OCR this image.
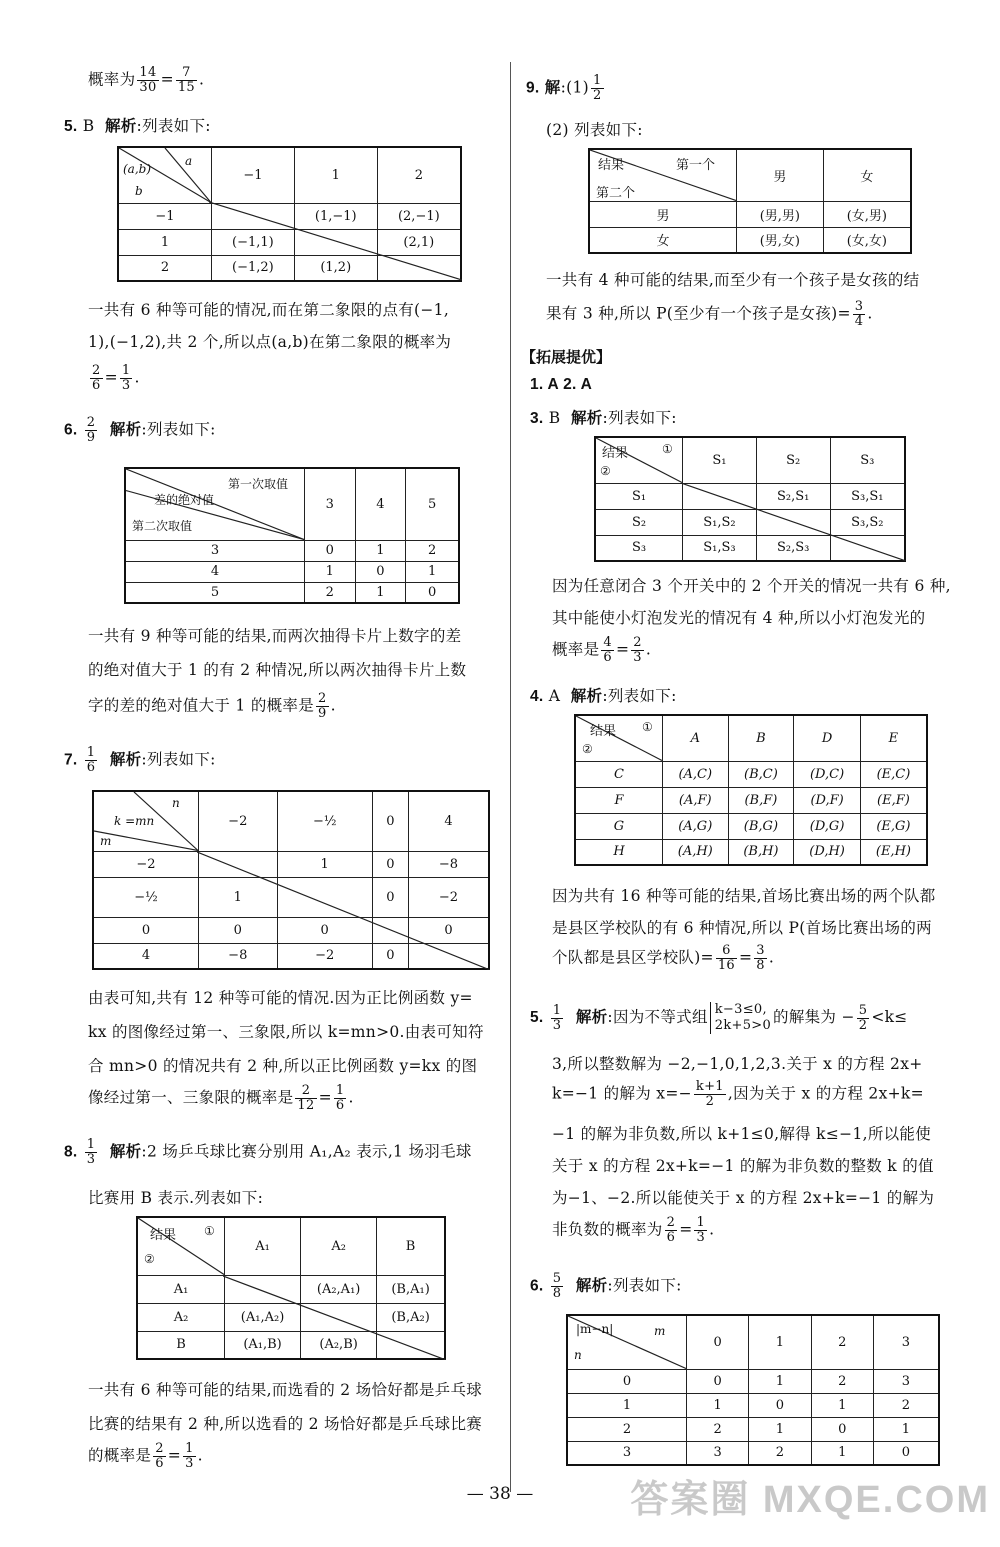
概率为 $\frac{14}{30} = \frac{7}{15}$ .
5. B 解析:列表如下:
a
(a,b)
b	−1	1	2
−1		(1,−1)	(2,−1)
1	(−1,1)		(2,1)
2	(−1,2)	(1,2)	
一共有 6 种等可能的情况,而在第二象限的点有(−1,
1),(−1,2),共 2 个,所以点(a,b)在第二象限的概率为
$\frac{2}{6} = \frac{1}{3}$ .
6. $\frac{2}{9}$ 解析:列表如下:
第一次取值
差的绝对值
第二次取值	3	4	5
3	0	1	2
4	1	0	1
5	2	1	0
一共有 9 种等可能的结果,而两次抽得卡片上数字的差
的绝对值大于 1 的有 2 种情况,所以两次抽得卡片上数
字的差的绝对值大于 1 的概率是 $\frac{2}{9}$ .
7. $\frac{1}{6}$ 解析:列表如下:
n
k =mn
m	−2	−½	0	4
−2		1	0	−8
−½	1		0	−2
0	0	0		0
4	−8	−2	0	
由表可知,共有 12 种等可能的情况.因为正比例函数 y=
kx 的图像经过第一、三象限,所以 k=mn>0.由表可知符
合 mn>0 的情况共有 2 种,所以正比例函数 y=kx 的图
像经过第一、三象限的概率是 $\frac{2}{12} = \frac{1}{6}$ .
8. $\frac{1}{3}$ 解析:2 场乒乓球比赛分别用 A₁,A₂ 表示,1 场羽毛球
比赛用 B 表示.列表如下:
结果 ①
②	A₁	A₂	B
A₁		(A₂,A₁)	(B,A₁)
A₂	(A₁,A₂)		(B,A₂)
B	(A₁,B)	(A₂,B)	
一共有 6 种等可能的结果,而选看的 2 场恰好都是乒乓球
比赛的结果有 2 种,所以选看的 2 场恰好都是乒乓球比赛
的概率是 $\frac{2}{6} = \frac{1}{3}$ .
9. 解:(1) $\frac{1}{2}$
(2) 列表如下:
结果 第一个
第二个	男	女
男	(男,男)	(女,男)
女	(男,女)	(女,女)
一共有 4 种可能的结果,而至少有一个孩子是女孩的结
果有 3 种,所以 P(至少有一个孩子是女孩)= $\frac{3}{4}$ .
【拓展提优】
1. A 2. A
3. B 解析:列表如下:
结果 ①
②	S₁	S₂	S₃
S₁		S₂,S₁	S₃,S₁
S₂	S₁,S₂		S₃,S₂
S₃	S₁,S₃	S₂,S₃	
因为任意闭合 3 个开关中的 2 个开关的情况一共有 6 种,
其中能使小灯泡发光的情况有 4 种,所以小灯泡发光的
概率是 $\frac{4}{6} = \frac{2}{3}$ .
4. A 解析:列表如下:
结果 ①
②	A	B	D	E
C	(A,C)	(B,C)	(D,C)	(E,C)
F	(A,F)	(B,F)	(D,F)	(E,F)
G	(A,G)	(B,G)	(D,G)	(E,G)
H	(A,H)	(B,H)	(D,H)	(E,H)
因为共有 16 种等可能的结果,首场比赛出场的两个队都
是县区学校队的有 6 种情况,所以 P(首场比赛出场的两
个队都是县区学校队)= $\frac{6}{16} = \frac{3}{8}$ .
5. $\frac{1}{3}$ 解析:因为不等式组 k−3≤0,
2k+5>0 的解集为 − $\frac{5}{2} <k\le$
3,所以整数解为 −2,−1,0,1,2,3.关于 x 的方程 2x+
k=−1 的解为 $x=- \frac{k+1}{2}$ ,因为关于 x 的方程 2x+k=
−1 的解为非负数,所以 k+1≤0,解得 k≤−1,所以能使
关于 x 的方程 2x+k=−1 的解为非负数的整数 k 的值
为−1、−2.所以能使关于 x 的方程 2x+k=−1 的解为
非负数的概率为 $\frac{2}{6} = \frac{1}{3}$ .
6. $\frac{5}{8}$ 解析:列表如下:
|m−n| m
n	0	1	2	3
0	0	1	2	3
1	1	0	1	2
2	2	1	0	1
3	3	2	1	0
— 38 —	答案圈 MXQE.COM
